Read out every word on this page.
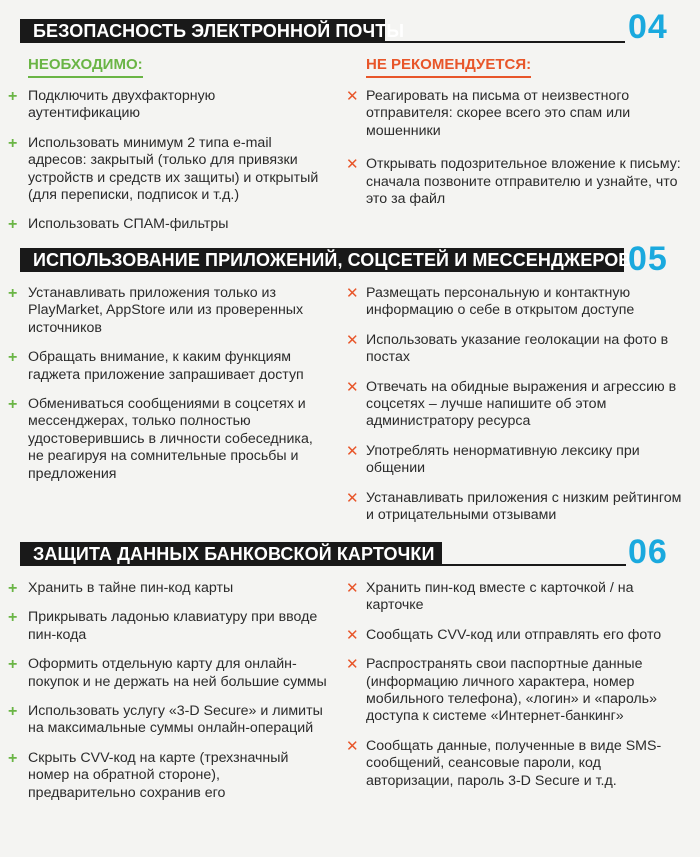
БЕЗОПАСНОСТЬ ЭЛЕКТРОННОЙ ПОЧТЫ	04
НЕОБХОДИМО:	НЕ РЕКОМЕНДУЕТСЯ:
+ Подключить двухфакторную аутентификацию
+ Использовать минимум 2 типа e-mail адресов: закрытый (только для привязки устройств и средств их защиты) и открытый (для переписки, подписок и т.д.)
+ Использовать СПАМ-фильтры
✕ Реагировать на письма от неизвестного отправителя: скорее всего это спам или мошенники
✕ Открывать подозрительное вложение к письму: сначала позвоните отправителю и узнайте, что это за файл
ИСПОЛЬЗОВАНИЕ ПРИЛОЖЕНИЙ, СОЦСЕТЕЙ И МЕССЕНДЖЕРОВ
05
+ Устанавливать приложения только из PlayMarket, AppStore или из проверенных источников
+ Обращать внимание, к каким функциям гаджета приложение запрашивает доступ
+ Обмениваться сообщениями в соцсетях и мессенджерах, только полностью удостоверившись в личности собеседника, не реагируя на сомнительные просьбы и предложения
✕ Размещать персональную и контактную информацию о себе в открытом доступе
✕ Использовать указание геолокации на фото в постах
✕ Отвечать на обидные выражения и агрессию в соцсетях – лучше напишите об этом администратору ресурса
✕ Употреблять ненормативную лексику при общении
✕ Устанавливать приложения с низким рейтингом и отрицательными отзывами
ЗАЩИТА ДАННЫХ БАНКОВСКОЙ КАРТОЧКИ	06
+ Хранить в тайне пин-код карты
+ Прикрывать ладонью клавиатуру при вводе пин-кода
+ Оформить отдельную карту для онлайн-покупок и не держать на ней большие суммы
+ Использовать услугу «3-D Secure» и лимиты на максимальные суммы онлайн-операций
+ Скрыть CVV-код на карте (трехзначный номер на обратной стороне), предварительно сохранив его
✕ Хранить пин-код вместе с карточкой / на карточке
✕ Сообщать CVV-код или отправлять его фото
✕ Распространять свои паспортные данные (информацию личного характера, номер мобильного телефона), «логин» и «пароль» доступа к системе «Интернет-банкинг»
✕ Сообщать данные, полученные в виде SMS-сообщений, сеансовые пароли, код авторизации, пароль 3-D Secure и т.д.
